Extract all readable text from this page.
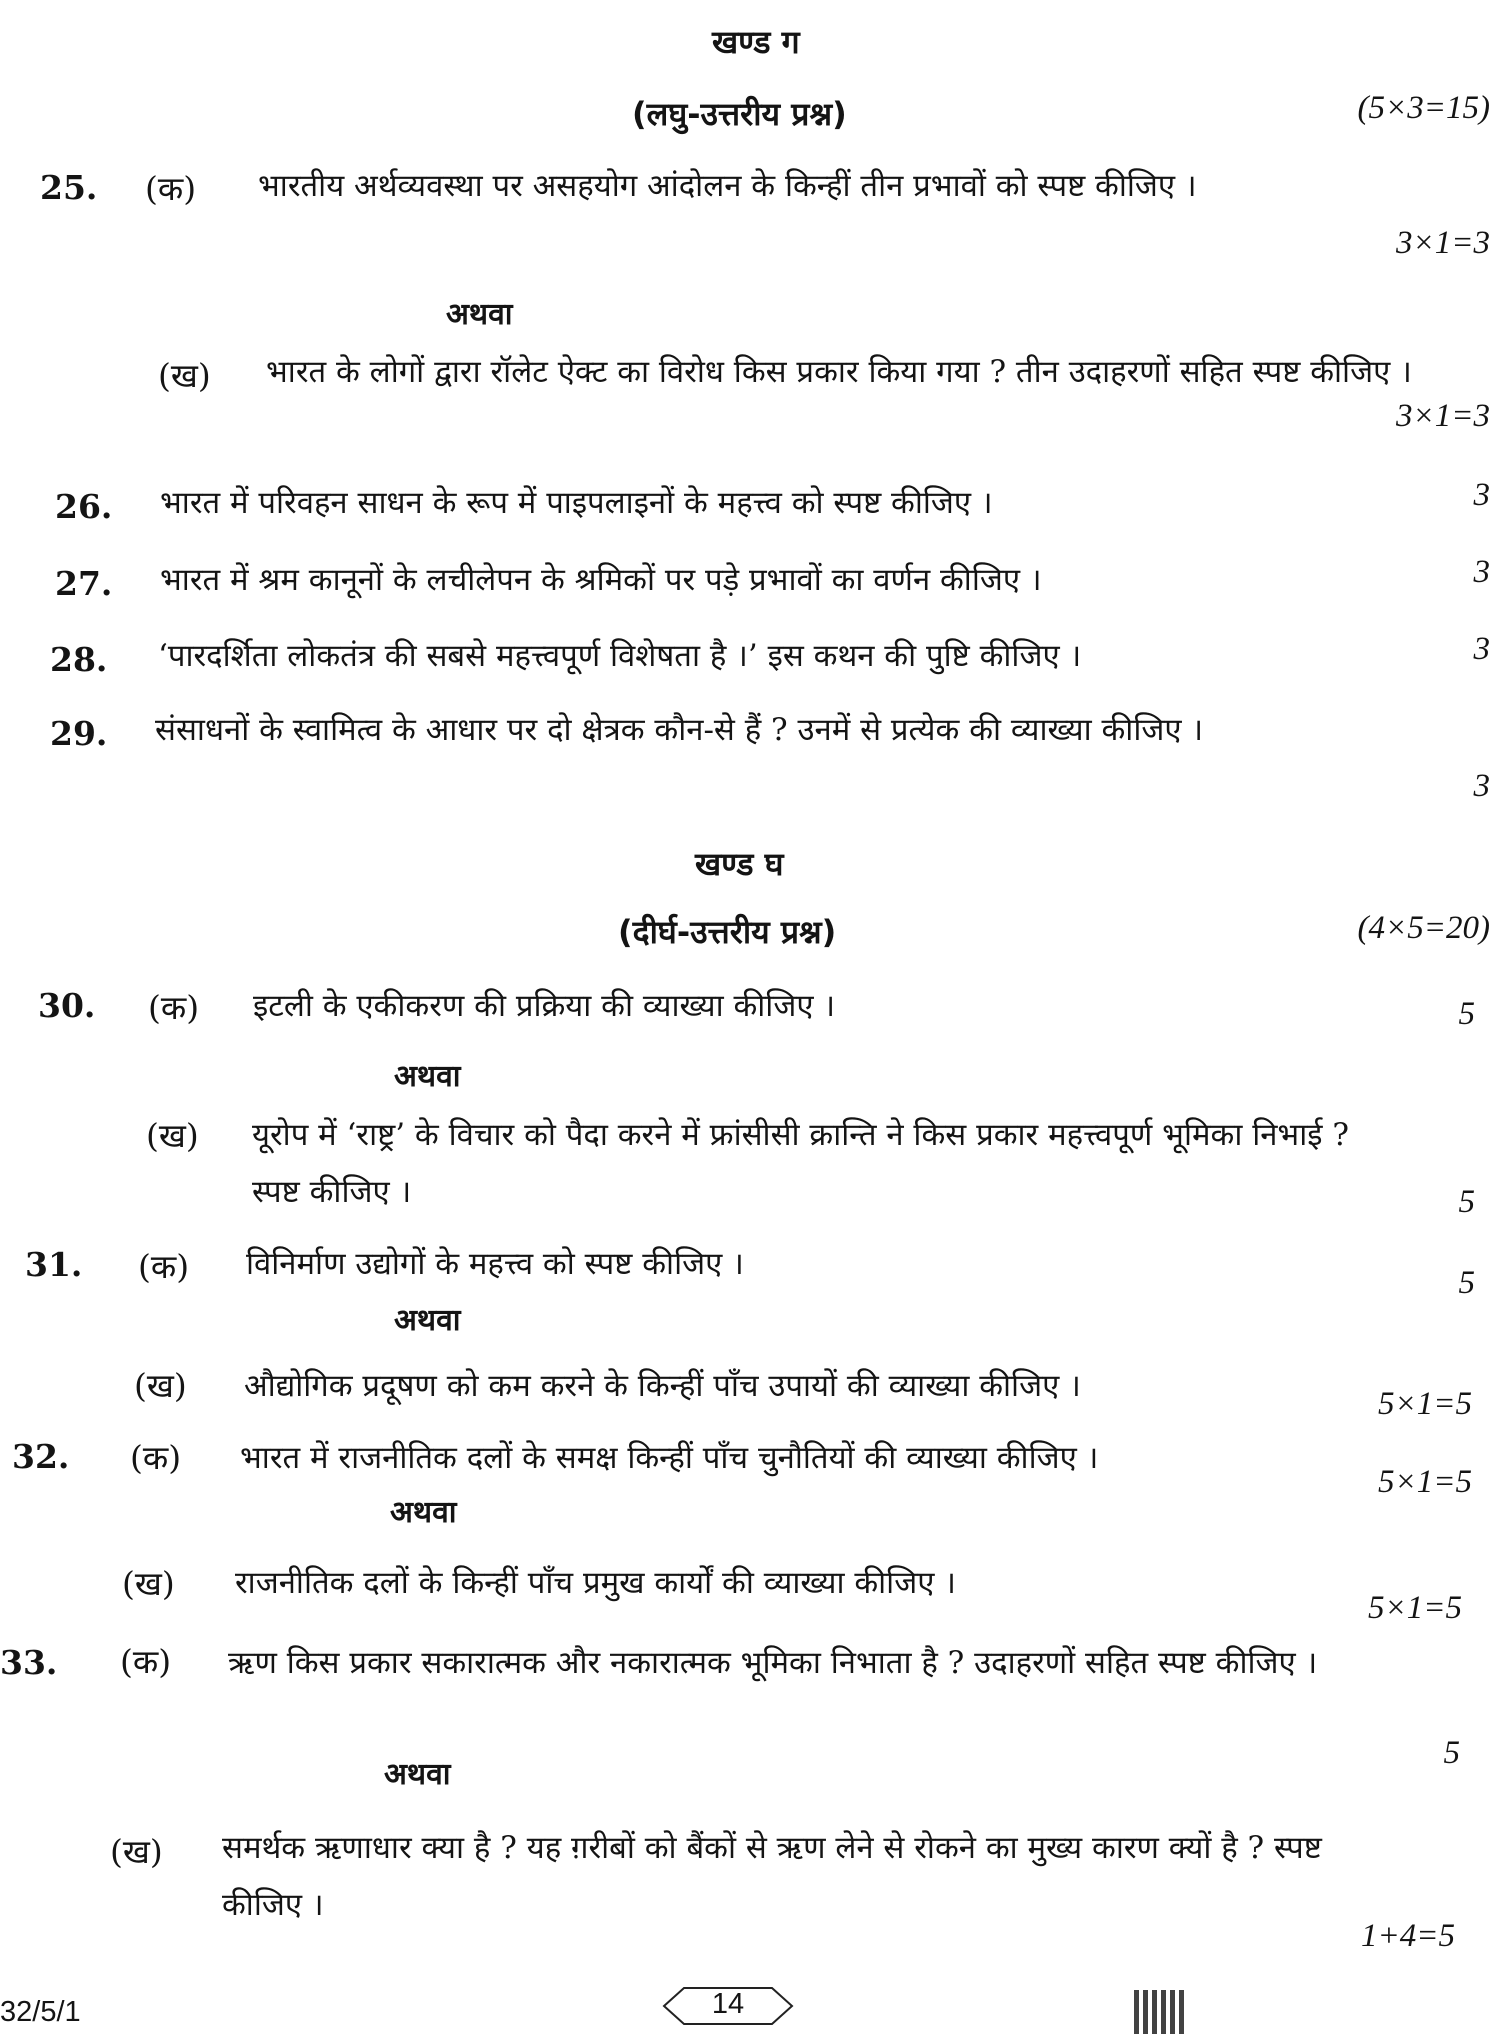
खण्ड ग
(लघु-उत्तरीय प्रश्न)	(5×3=15)
25. (क) भारतीय अर्थव्यवस्था पर असहयोग आंदोलन के किन्हीं तीन प्रभावों को स्पष्ट कीजिए ।
3×1=3
अथवा
(ख) भारत के लोगों द्वारा रॉलेट ऐक्ट का विरोध किस प्रकार किया गया ? तीन उदाहरणों सहित स्पष्ट कीजिए ।
3×1=3
26. भारत में परिवहन साधन के रूप में पाइपलाइनों के महत्त्व को स्पष्ट कीजिए ।	3
27. भारत में श्रम कानूनों के लचीलेपन के श्रमिकों पर पड़े प्रभावों का वर्णन कीजिए ।	3
28. ‘पारदर्शिता लोकतंत्र की सबसे महत्त्वपूर्ण विशेषता है ।’ इस कथन की पुष्टि कीजिए ।	3
29. संसाधनों के स्वामित्व के आधार पर दो क्षेत्रक कौन-से हैं ? उनमें से प्रत्येक की व्याख्या कीजिए ।
3
खण्ड घ
(दीर्घ-उत्तरीय प्रश्न)	(4×5=20)
30. (क) इटली के एकीकरण की प्रक्रिया की व्याख्या कीजिए ।	5
अथवा
(ख) यूरोप में ‘राष्ट्र’ के विचार को पैदा करने में फ्रांसीसी क्रान्ति ने किस प्रकार महत्त्वपूर्ण भूमिका निभाई ? स्पष्ट कीजिए ।	5
31. (क) विनिर्माण उद्योगों के महत्त्व को स्पष्ट कीजिए ।
5
अथवा
(ख) औद्योगिक प्रदूषण को कम करने के किन्हीं पाँच उपायों की व्याख्या कीजिए ।	5×1=5
32. (क) भारत में राजनीतिक दलों के समक्ष किन्हीं पाँच चुनौतियों की व्याख्या कीजिए ।
5×1=5
अथवा
(ख) राजनीतिक दलों के किन्हीं पाँच प्रमुख कार्यों की व्याख्या कीजिए ।
5×1=5
33. (क) ऋण किस प्रकार सकारात्मक और नकारात्मक भूमिका निभाता है ? उदाहरणों सहित स्पष्ट कीजिए ।
5
अथवा
(ख) समर्थक ऋणाधार क्या है ? यह ग़रीबों को बैंकों से ऋण लेने से रोकने का मुख्य कारण क्यों है ? स्पष्ट कीजिए ।
1+4=5
32/5/1	14
